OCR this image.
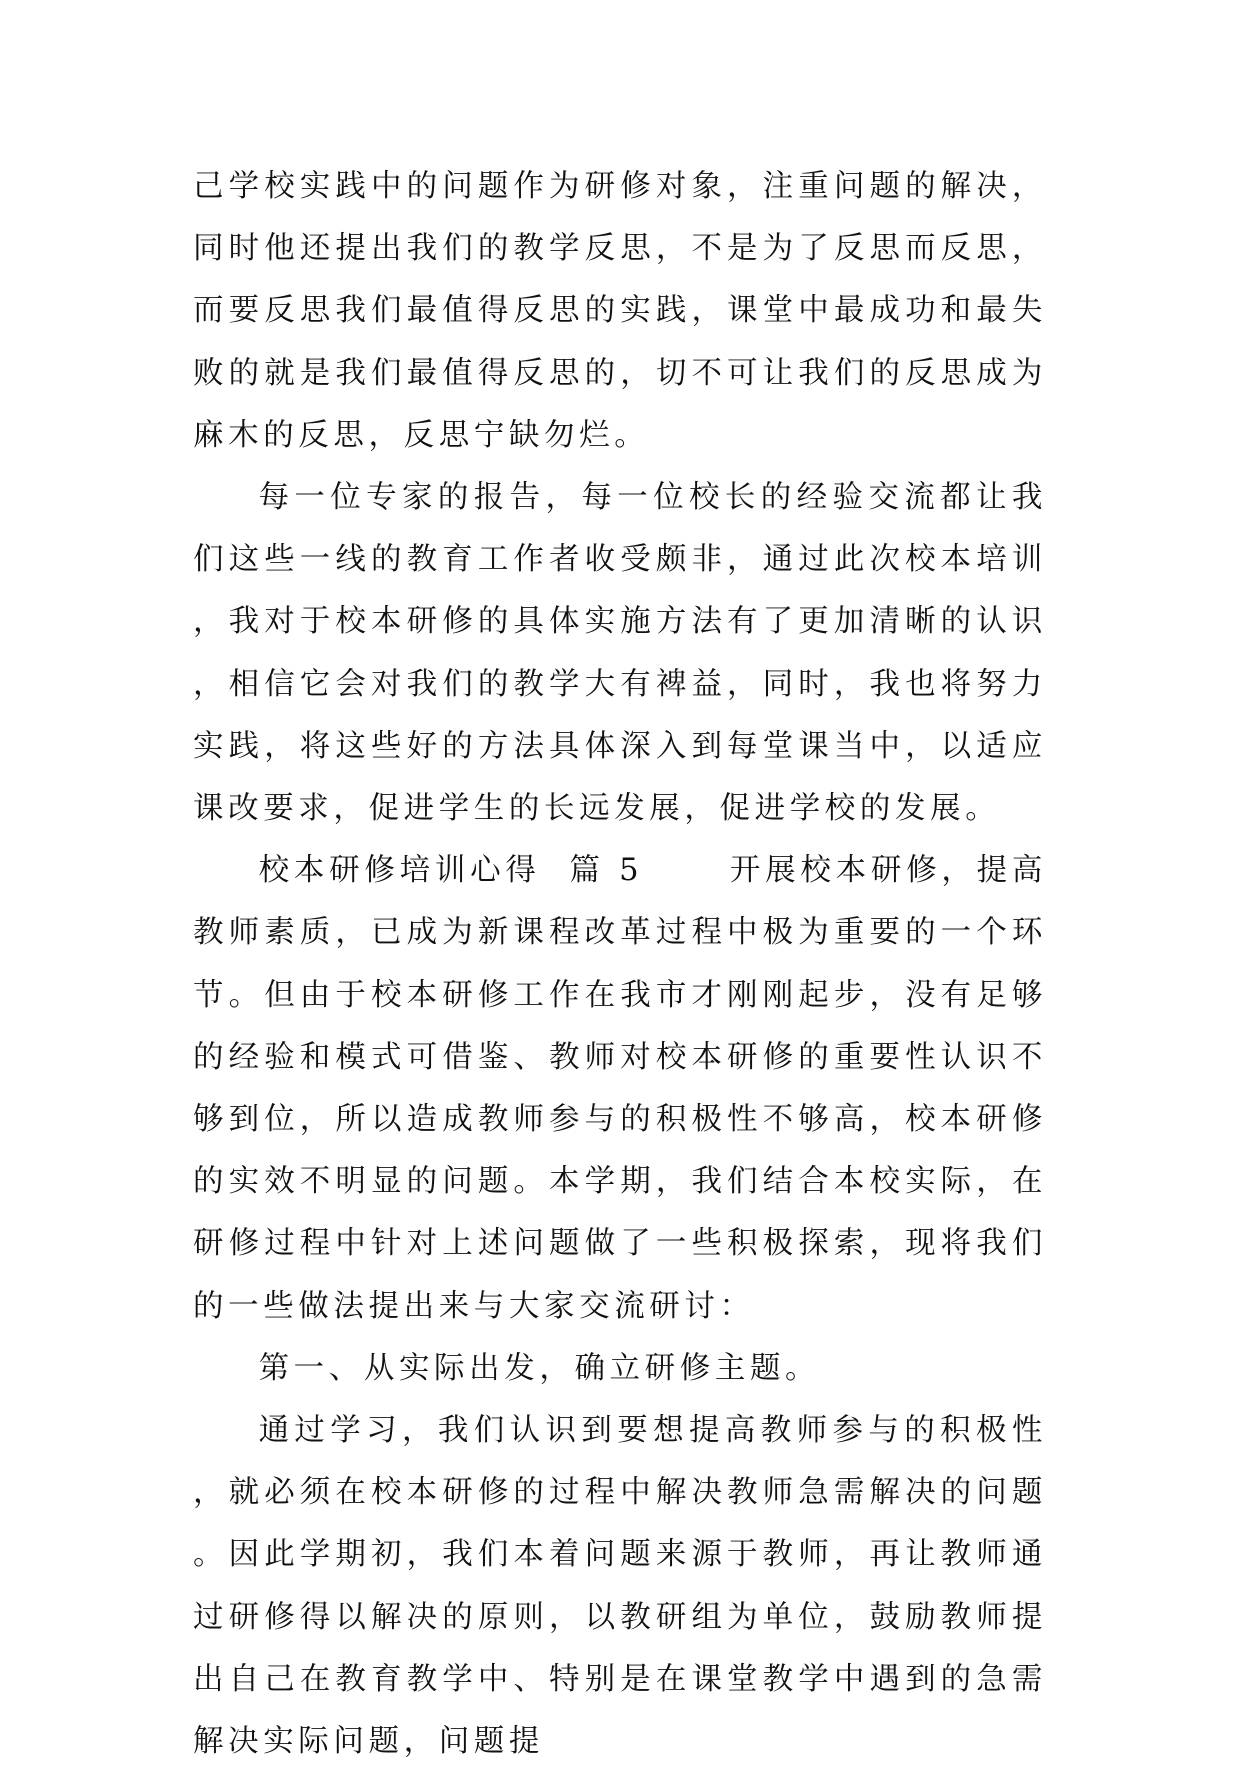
己学校实践中的问题作为研修对象，注重问题的解决，同时他还提出我们的教学反思，不是为了反思而反思，而要反思我们最值得反思的实践，课堂中最成功和最失败的就是我们最值得反思的，切不可让我们的反思成为麻木的反思，反思宁缺勿烂。

每一位专家的报告，每一位校长的经验交流都让我们这些一线的教育工作者收受颇非，通过此次校本培训，我对于校本研修的具体实施方法有了更加清晰的认识，相信它会对我们的教学大有裨益，同时，我也将努力实践，将这些好的方法具体深入到每堂课当中，以适应课改要求，促进学生的长远发展，促进学校的发展。

校本研修培训心得  篇 5      开展校本研修，提高教师素质，已成为新课程改革过程中极为重要的一个环节。但由于校本研修工作在我市才刚刚起步，没有足够的经验和模式可借鉴、教师对校本研修的重要性认识不够到位，所以造成教师参与的积极性不够高，校本研修的实效不明显的问题。本学期，我们结合本校实际，在研修过程中针对上述问题做了一些积极探索，现将我们的一些做法提出来与大家交流研讨：

第一、从实际出发，确立研修主题。

通过学习，我们认识到要想提高教师参与的积极性，就必须在校本研修的过程中解决教师急需解决的问题。因此学期初，我们本着问题来源于教师，再让教师通过研修得以解决的原则，以教研组为单位，鼓励教师提出自己在教育教学中、特别是在课堂教学中遇到的急需解决实际问题，问题提
